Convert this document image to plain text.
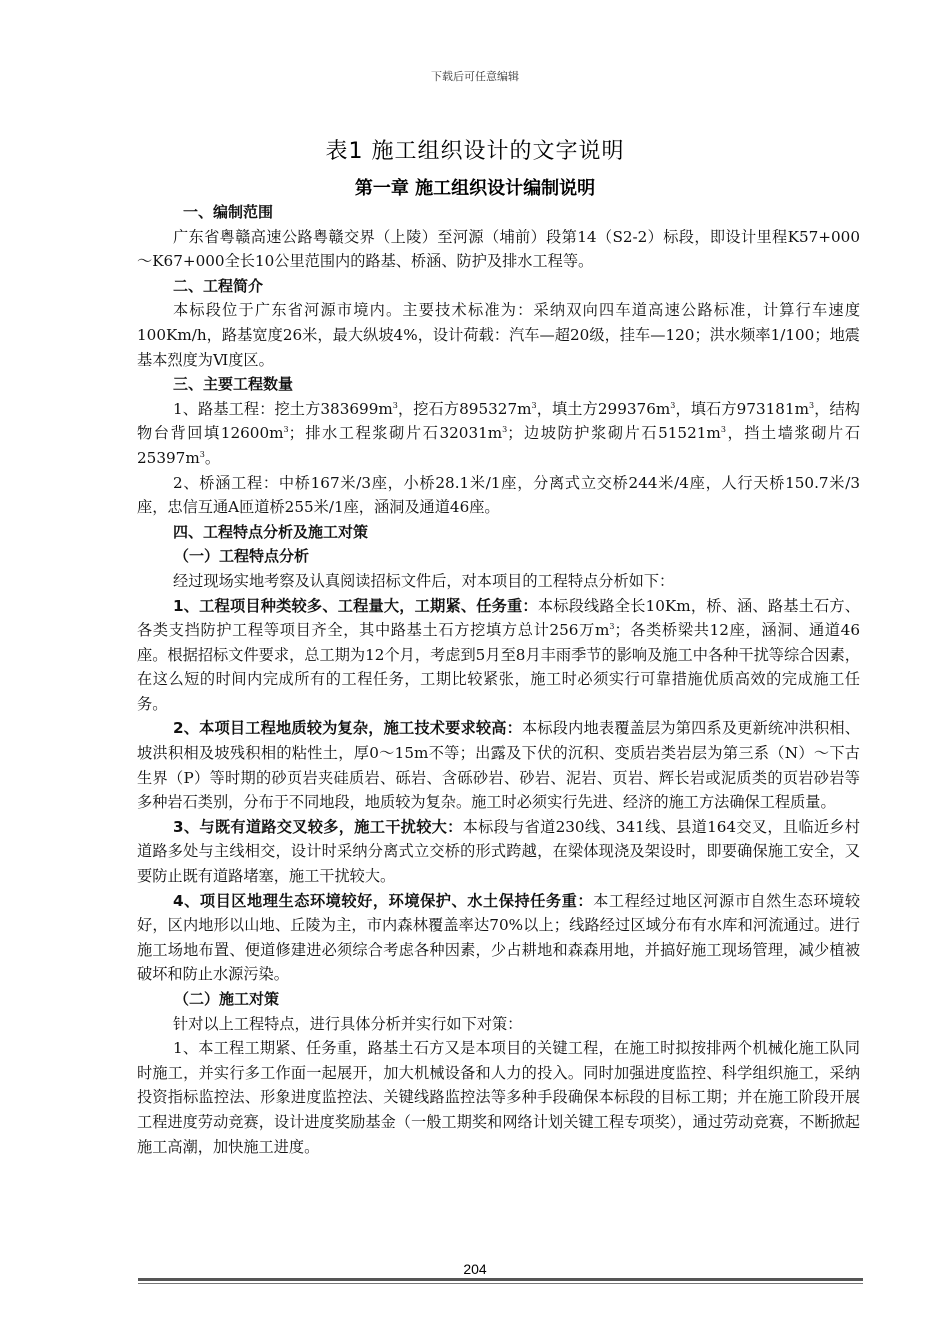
下载后可任意编辑
表1 施工组织设计的文字说明
第一章 施工组织设计编制说明

一、编制范围

广东省粤赣高速公路粤赣交界（上陵）至河源（埔前）段第14（S2-2）标段，即设计里程K57+000～K67+000全长10公里范围内的路基、桥涵、防护及排水工程等。

二、工程简介

本标段位于广东省河源市境内。主要技术标准为：采纳双向四车道高速公路标准，计算行车速度100Km/h，路基宽度26米，最大纵坡4%，设计荷载：汽车—超20级，挂车—120；洪水频率1/100；地震基本烈度为Ⅵ度区。

三、主要工程数量

1、路基工程：挖土方$383699m^3$，挖石方$895327m^3$，填土方$299376m^3$，填石方$973181m^3$，结构物台背回填$12600m^3$；排水工程浆砌片石$32031m^3$；边坡防护浆砌片石$51521m^3$，挡土墙浆砌片石$25397m^3$。

2、桥涵工程：中桥167米/3座，小桥28.1米/1座，分离式立交桥244米/4座，人行天桥150.7米/3座，忠信互通A匝道桥255米/1座，涵洞及通道46座。

四、工程特点分析及施工对策

（一）工程特点分析

经过现场实地考察及认真阅读招标文件后，对本项目的工程特点分析如下：

1、工程项目种类较多、工程量大，工期紧、任务重：本标段线路全长10Km，桥、涵、路基土石方、各类支挡防护工程等项目齐全，其中路基土石方挖填方总计256万$m^3$；各类桥梁共12座，涵洞、通道46座。根据招标文件要求，总工期为12个月，考虑到5月至8月丰雨季节的影响及施工中各种干扰等综合因素，在这么短的时间内完成所有的工程任务，工期比较紧张，施工时必须实行可靠措施优质高效的完成施工任务。

2、本项目工程地质较为复杂，施工技术要求较高：本标段内地表覆盖层为第四系及更新统冲洪积相、坡洪积相及坡残积相的粘性土，厚0～15m不等；出露及下伏的沉积、变质岩类岩层为第三系（N）～下古生界（P）等时期的砂页岩夹硅质岩、砾岩、含砾砂岩、砂岩、泥岩、页岩、辉长岩或泥质类的页岩砂岩等多种岩石类别，分布于不同地段，地质较为复杂。施工时必须实行先进、经济的施工方法确保工程质量。

3、与既有道路交叉较多，施工干扰较大：本标段与省道230线、341线、县道164交叉，且临近乡村道路多处与主线相交，设计时采纳分离式立交桥的形式跨越，在梁体现浇及架设时，即要确保施工安全，又要防止既有道路堵塞，施工干扰较大。

4、项目区地理生态环境较好，环境保护、水土保持任务重：本工程经过地区河源市自然生态环境较好，区内地形以山地、丘陵为主，市内森林覆盖率达70%以上；线路经过区域分布有水库和河流通过。进行施工场地布置、便道修建进必须综合考虑各种因素，少占耕地和森森用地，并搞好施工现场管理，减少植被破坏和防止水源污染。

（二）施工对策

针对以上工程特点，进行具体分析并实行如下对策：

1、本工程工期紧、任务重，路基土石方又是本项目的关键工程，在施工时拟按排两个机械化施工队同时施工，并实行多工作面一起展开，加大机械设备和人力的投入。同时加强进度监控、科学组织施工，采纳投资指标监控法、形象进度监控法、关键线路监控法等多种手段确保本标段的目标工期；并在施工阶段开展工程进度劳动竞赛，设计进度奖励基金（一般工期奖和网络计划关键工程专项奖），通过劳动竞赛，不断掀起施工高潮，加快施工进度。

204
